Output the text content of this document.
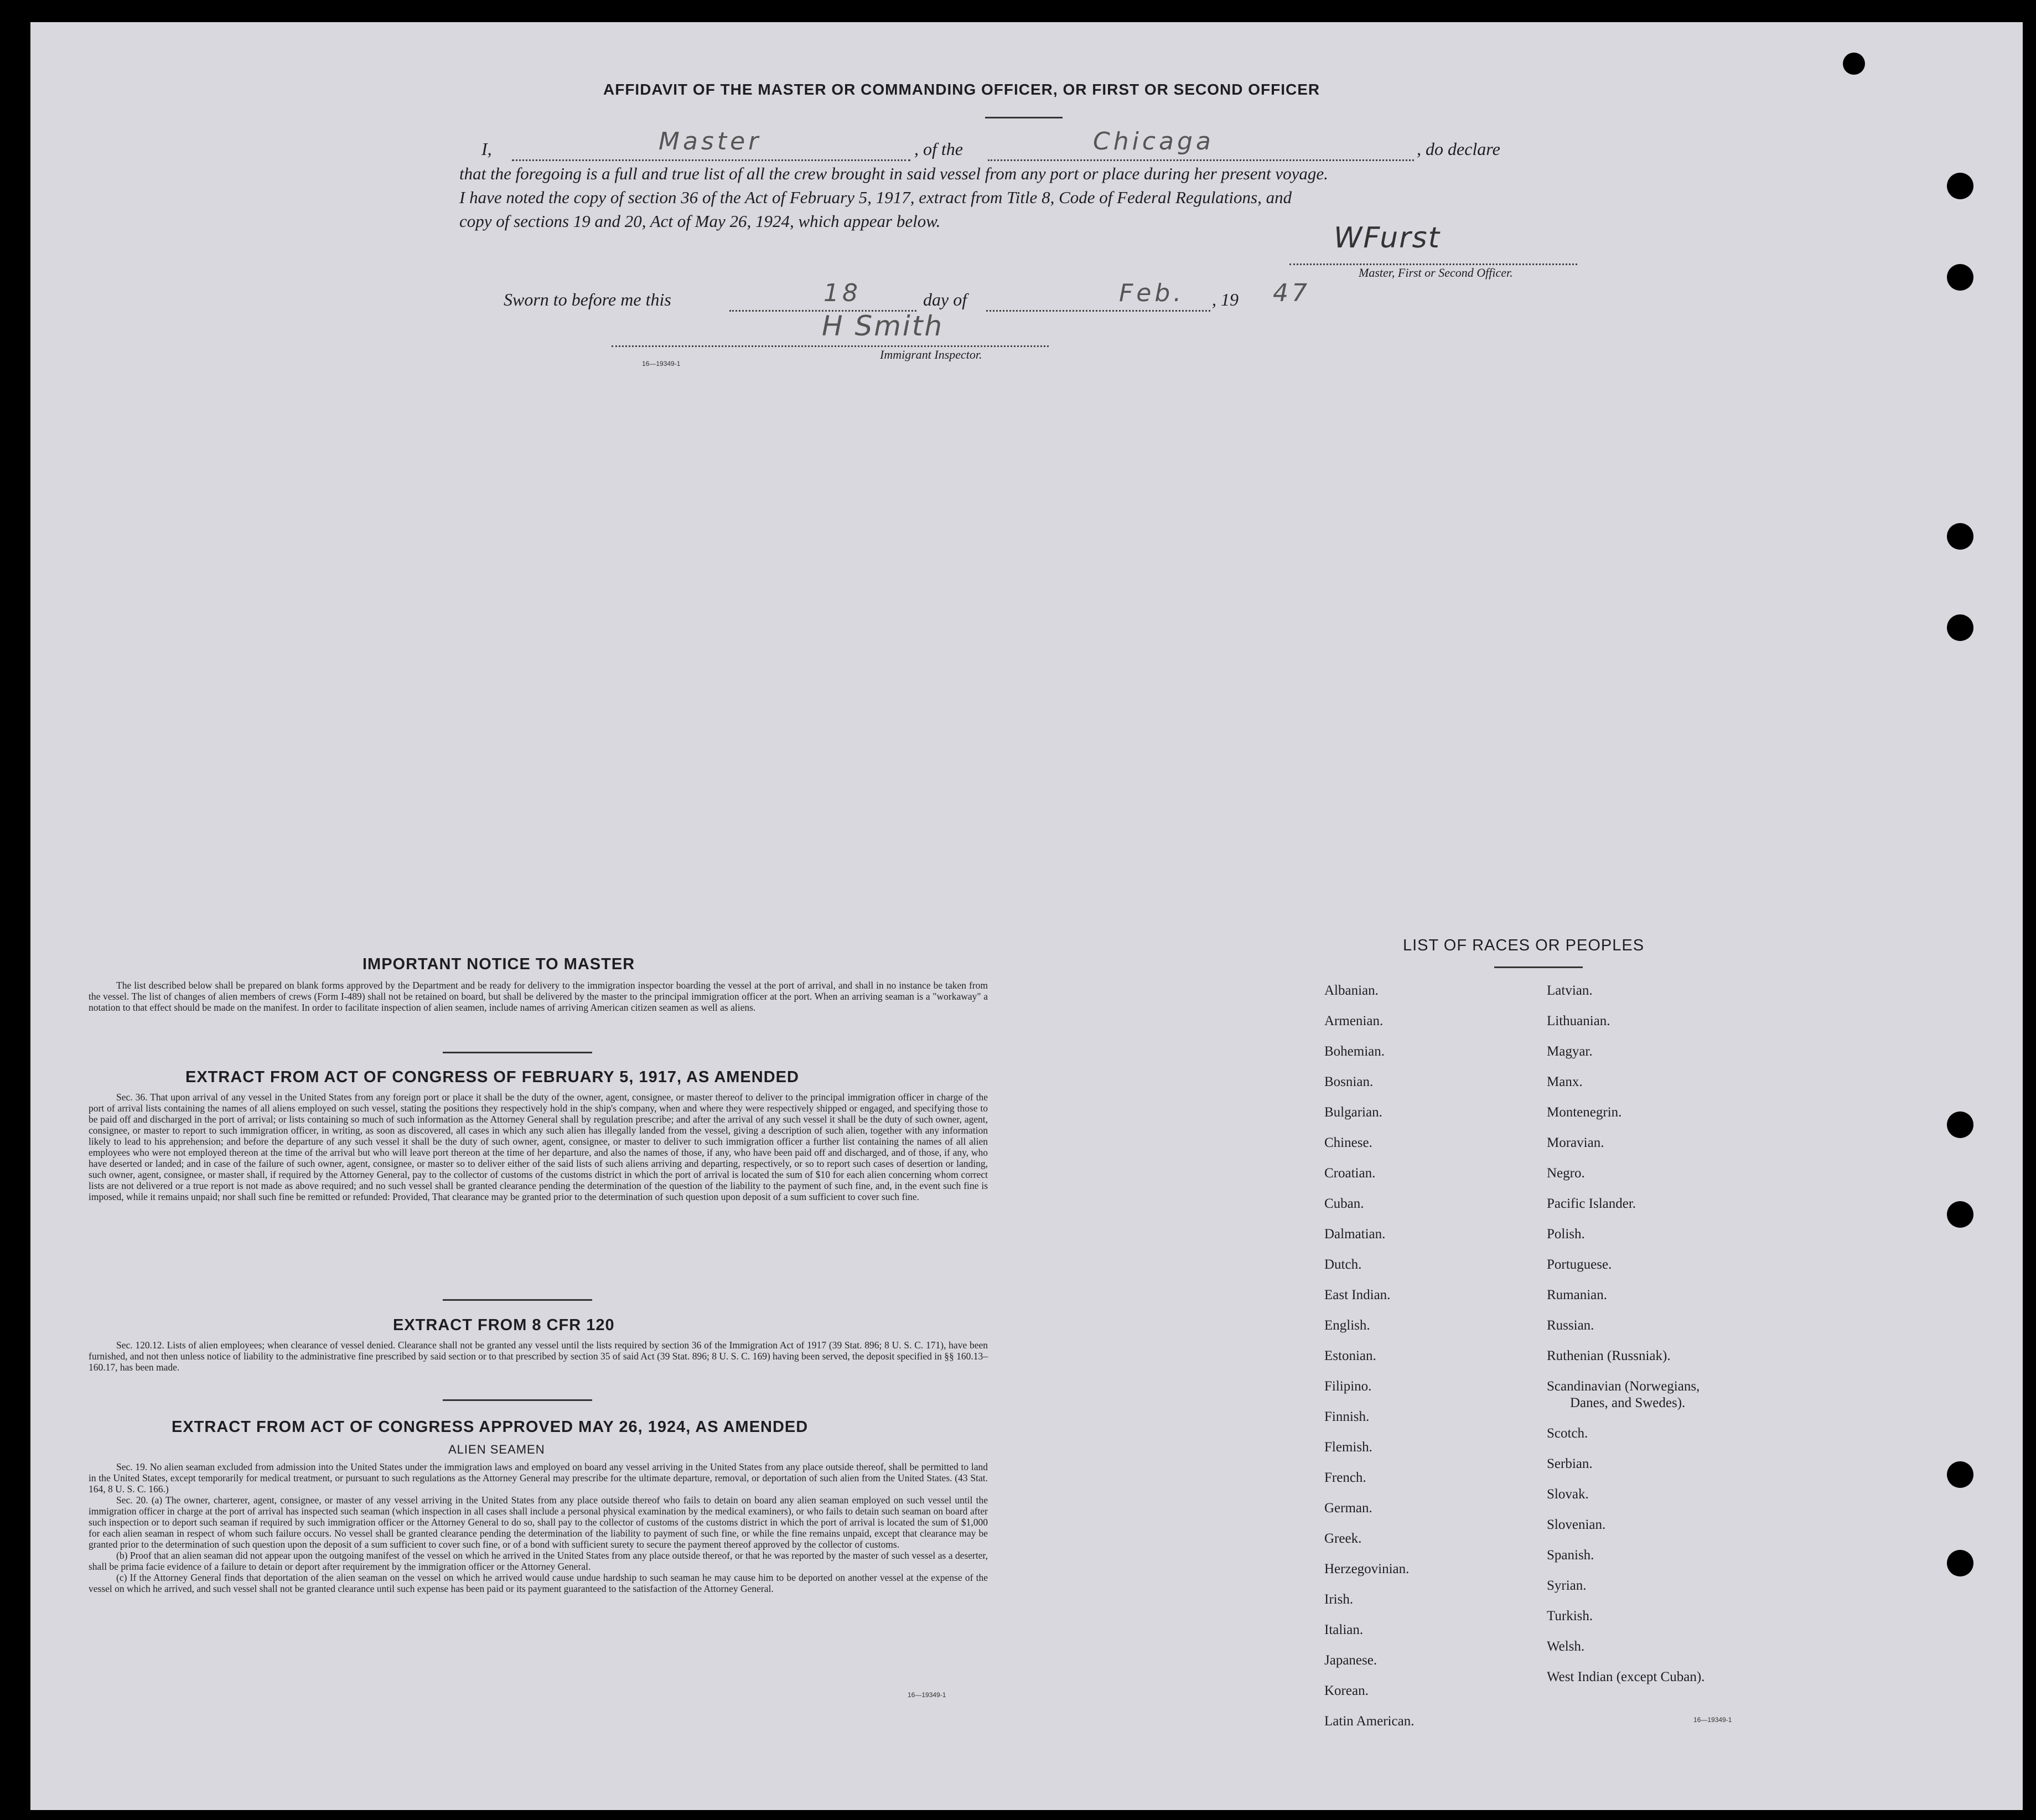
AFFIDAVIT OF THE MASTER OR COMMANDING OFFICER, OR FIRST OR SECOND OFFICER
I,	Master	, of the	Chicaga	, do declare
that the foregoing is a full and true list of all the crew brought in said vessel from any port or place during her present voyage.
I have noted the copy of section 36 of the Act of February 5, 1917, extract from Title 8, Code of Federal Regulations, and
copy of sections 19 and 20, Act of May 26, 1924, which appear below.
WFurst
Master, First or Second Officer.
Sworn to before me this	18	day of	Feb. , 19 47
H Smith
16—19349-1
Immigrant Inspector.
IMPORTANT NOTICE TO MASTER

The list described below shall be prepared on blank forms approved by the Department and be ready for delivery to the immigration inspector boarding the vessel at the port of arrival, and shall in no instance be taken from the vessel. The list of changes of alien members of crews (Form I-489) shall not be retained on board, but shall be delivered by the master to the principal immigration officer at the port. When an arriving seaman is a "workaway" a notation to that effect should be made on the manifest. In order to facilitate inspection of alien seamen, include names of arriving American citizen seamen as well as aliens.

EXTRACT FROM ACT OF CONGRESS OF FEBRUARY 5, 1917, AS AMENDED

Sec. 36. That upon arrival of any vessel in the United States from any foreign port or place it shall be the duty of the owner, agent, consignee, or master thereof to deliver to the principal immigration officer in charge of the port of arrival lists containing the names of all aliens employed on such vessel, stating the positions they respectively hold in the ship's company, when and where they were respectively shipped or engaged, and specifying those to be paid off and discharged in the port of arrival; or lists containing so much of such information as the Attorney General shall by regulation prescribe; and after the arrival of any such vessel it shall be the duty of such owner, agent, consignee, or master to report to such immigration officer, in writing, as soon as discovered, all cases in which any such alien has illegally landed from the vessel, giving a description of such alien, together with any information likely to lead to his apprehension; and before the departure of any such vessel it shall be the duty of such owner, agent, consignee, or master to deliver to such immigration officer a further list containing the names of all alien employees who were not employed thereon at the time of the arrival but who will leave port thereon at the time of her departure, and also the names of those, if any, who have been paid off and discharged, and of those, if any, who have deserted or landed; and in case of the failure of such owner, agent, consignee, or master so to deliver either of the said lists of such aliens arriving and departing, respectively, or so to report such cases of desertion or landing, such owner, agent, consignee, or master shall, if required by the Attorney General, pay to the collector of customs of the customs district in which the port of arrival is located the sum of $10 for each alien concerning whom correct lists are not delivered or a true report is not made as above required; and no such vessel shall be granted clearance pending the determination of the question of the liability to the payment of such fine, and, in the event such fine is imposed, while it remains unpaid; nor shall such fine be remitted or refunded: Provided, That clearance may be granted prior to the determination of such question upon deposit of a sum sufficient to cover such fine.

EXTRACT FROM 8 CFR 120

Sec. 120.12. Lists of alien employees; when clearance of vessel denied. Clearance shall not be granted any vessel until the lists required by section 36 of the Immigration Act of 1917 (39 Stat. 896; 8 U. S. C. 171), have been furnished, and not then unless notice of liability to the administrative fine prescribed by said section or to that prescribed by section 35 of said Act (39 Stat. 896; 8 U. S. C. 169) having been served, the deposit specified in §§ 160.13–160.17, has been made.

EXTRACT FROM ACT OF CONGRESS APPROVED MAY 26, 1924, AS AMENDED
ALIEN SEAMEN

Sec. 19. No alien seaman excluded from admission into the United States under the immigration laws and employed on board any vessel arriving in the United States from any place outside thereof, shall be permitted to land in the United States, except temporarily for medical treatment, or pursuant to such regulations as the Attorney General may prescribe for the ultimate departure, removal, or deportation of such alien from the United States. (43 Stat. 164, 8 U. S. C. 166.)

Sec. 20. (a) The owner, charterer, agent, consignee, or master of any vessel arriving in the United States from any place outside thereof who fails to detain on board any alien seaman employed on such vessel until the immigration officer in charge at the port of arrival has inspected such seaman (which inspection in all cases shall include a personal physical examination by the medical examiners), or who fails to detain such seaman on board after such inspection or to deport such seaman if required by such immigration officer or the Attorney General to do so, shall pay to the collector of customs of the customs district in which the port of arrival is located the sum of $1,000 for each alien seaman in respect of whom such failure occurs. No vessel shall be granted clearance pending the determination of the liability to payment of such fine, or while the fine remains unpaid, except that clearance may be granted prior to the determination of such question upon the deposit of a sum sufficient to cover such fine, or of a bond with sufficient surety to secure the payment thereof approved by the collector of customs.

(b) Proof that an alien seaman did not appear upon the outgoing manifest of the vessel on which he arrived in the United States from any place outside thereof, or that he was reported by the master of such vessel as a deserter, shall be prima facie evidence of a failure to detain or deport after requirement by the immigration officer or the Attorney General.

(c) If the Attorney General finds that deportation of the alien seaman on the vessel on which he arrived would cause undue hardship to such seaman he may cause him to be deported on another vessel at the expense of the vessel on which he arrived, and such vessel shall not be granted clearance until such expense has been paid or its payment guaranteed to the satisfaction of the Attorney General.

16—19349-1
LIST OF RACES OR PEOPLES
Albanian.
Armenian.
Bohemian.
Bosnian.
Bulgarian.
Chinese.
Croatian.
Cuban.
Dalmatian.
Dutch.
East Indian.
English.
Estonian.
Filipino.
Finnish.
Flemish.
French.
German.
Greek.
Herzegovinian.
Irish.
Italian.
Japanese.
Korean.
Latin American.
Latvian.
Lithuanian.
Magyar.
Manx.
Montenegrin.
Moravian.
Negro.
Pacific Islander.
Polish.
Portuguese.
Rumanian.
Russian.
Ruthenian (Russniak).
Scandinavian (Norwegians,
Danes, and Swedes).
Scotch.
Serbian.
Slovak.
Slovenian.
Spanish.
Syrian.
Turkish.
Welsh.
West Indian (except Cuban).
16—19349-1
